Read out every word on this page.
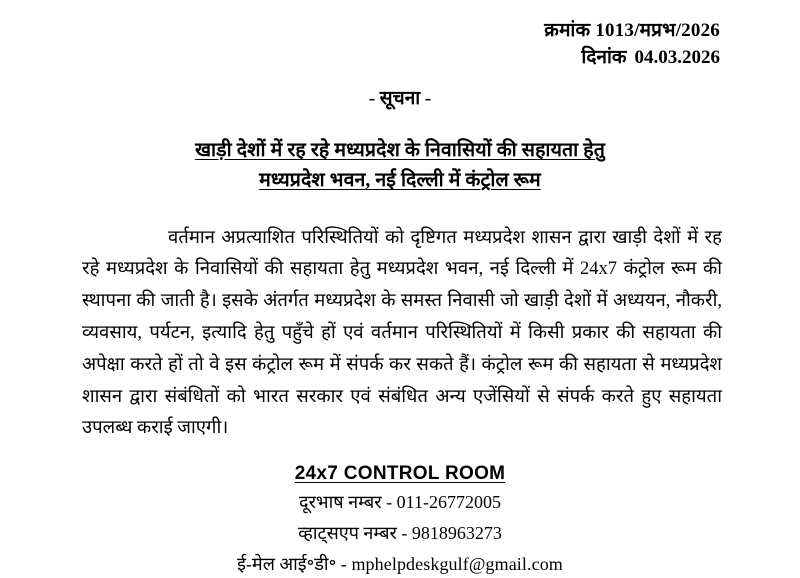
क्रमांक 1013/मप्रभ/2026
दिनांक 04.03.2026
- सूचना -
खाड़ी देशों में रह रहे मध्यप्रदेश के निवासियों की सहायता हेतु
मध्यप्रदेश भवन, नई दिल्ली में कंट्रोल रूम
वर्तमान अप्रत्याशित परिस्थितियों को दृष्टिगत मध्यप्रदेश शासन द्वारा खाड़ी देशों में रह रहे मध्यप्रदेश के निवासियों की सहायता हेतु मध्यप्रदेश भवन, नई दिल्ली में 24x7 कंट्रोल रूम की स्थापना की जाती है। इसके अंतर्गत मध्यप्रदेश के समस्त निवासी जो खाड़ी देशों में अध्ययन, नौकरी, व्यवसाय, पर्यटन, इत्यादि हेतु पहुँचे हों एवं वर्तमान परिस्थितियों में किसी प्रकार की सहायता की अपेक्षा करते हों तो वे इस कंट्रोल रूम में संपर्क कर सकते हैं। कंट्रोल रूम की सहायता से मध्यप्रदेश शासन द्वारा संबंधितों को भारत सरकार एवं संबंधित अन्य एजेंसियों से संपर्क करते हुए सहायता उपलब्ध कराई जाएगी।
24x7 CONTROL ROOM
दूरभाष नम्बर - 011-26772005
व्हाट्सएप नम्बर - 9818963273
ई-मेल आई॰डी॰ - mphelpdeskgulf@gmail.com
